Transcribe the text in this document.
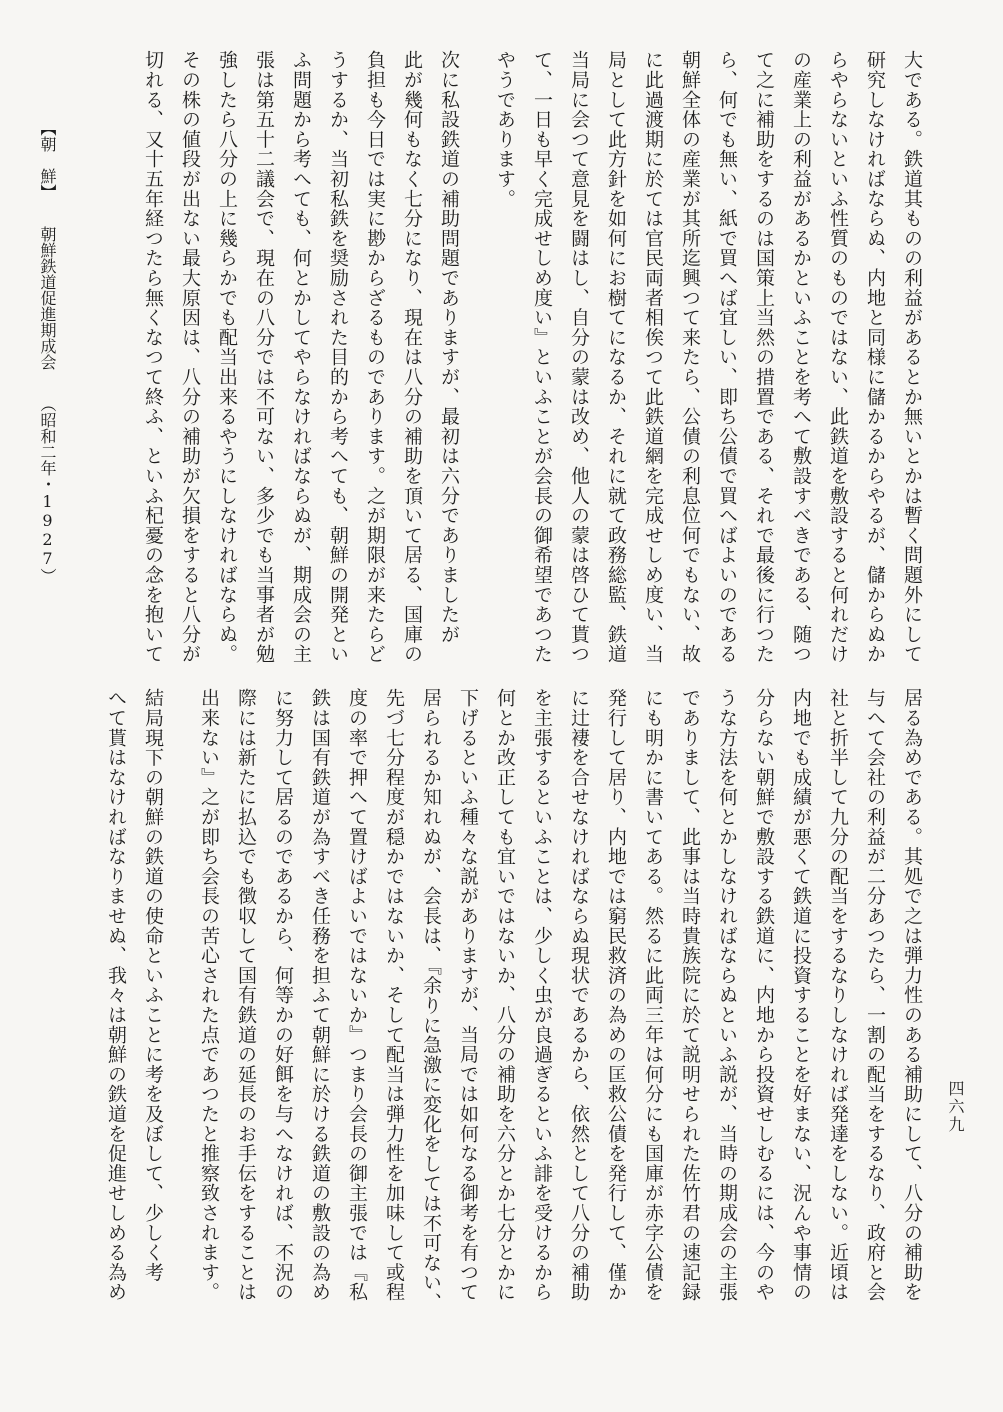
大である。鉄道其ものの利益があるとか無いとかは暫く問題外にして
研究しなければならぬ、内地と同様に儲かるからやるが、儲からぬか
らやらないといふ性質のものではない、此鉄道を敷設すると何れだけ
の産業上の利益があるかといふことを考へて敷設すべきである、随つ
て之に補助をするのは国策上当然の措置である、それで最後に行つた
ら、何でも無い、紙で買へば宜しい、即ち公債で買へばよいのである
朝鮮全体の産業が其所迄興つて来たら、公債の利息位何でもない、故
に此過渡期に於ては官民両者相俟つて此鉄道網を完成せしめ度い、当
局として此方針を如何にお樹てになるか、それに就て政務総監、鉄道
当局に会つて意見を闘はし、自分の蒙は改め、他人の蒙は啓ひて貰つ
て、一日も早く完成せしめ度い』といふことが会長の御希望であつた
やうであります。
次に私設鉄道の補助問題でありますが、最初は六分でありましたが
此が幾何もなく七分になり、現在は八分の補助を頂いて居る、国庫の
負担も今日では実に尠からざるものであります。之が期限が来たらど
うするか、当初私鉄を奨励された目的から考へても、朝鮮の開発とい
ふ問題から考へても、何とかしてやらなければならぬが、期成会の主
張は第五十二議会で、現在の八分では不可ない、多少でも当事者が勉
強したら八分の上に幾らかでも配当出来るやうにしなければならぬ。
その株の値段が出ない最大原因は、八分の補助が欠損をすると八分が
切れる、又十五年経つたら無くなつて終ふ、といふ杞憂の念を抱いて
居る為めである。其処で之は弾力性のある補助にして、八分の補助を
与へて会社の利益が二分あつたら、一割の配当をするなり、政府と会
社と折半して九分の配当をするなりしなければ発達をしない。近頃は
内地でも成績が悪くて鉄道に投資することを好まない、況んや事情の
分らない朝鮮で敷設する鉄道に、内地から投資せしむるには、今のや
うな方法を何とかしなければならぬといふ説が、当時の期成会の主張
でありまして、此事は当時貴族院に於て説明せられた佐竹君の速記録
にも明かに書いてある。然るに此両三年は何分にも国庫が赤字公債を
発行して居り、内地では窮民救済の為めの匡救公債を発行して、僅か
に辻褄を合せなければならぬ現状であるから、依然として八分の補助
を主張するといふことは、少しく虫が良過ぎるといふ誹を受けるから
何とか改正しても宜いではないか、八分の補助を六分とか七分とかに
下げるといふ種々な説がありますが、当局では如何なる御考を有つて
居られるか知れぬが、会長は、『余りに急激に変化をしては不可ない、
先づ七分程度が穏かではないか、そして配当は弾力性を加味して或程
度の率で押へて置けばよいではないか』つまり会長の御主張では『私
鉄は国有鉄道が為すべき任務を担ふて朝鮮に於ける鉄道の敷設の為め
に努力して居るのであるから、何等かの好餌を与へなければ、不況の
際には新たに払込でも徴収して国有鉄道の延長のお手伝をすることは
出来ない』之が即ち会長の苦心された点であつたと推察致されます。
結局現下の朝鮮の鉄道の使命といふことに考を及ぼして、少しく考
へて貰はなければなりませぬ、我々は朝鮮の鉄道を促進せしめる為め
【朝　鮮】朝鮮鉄道促進期成会（昭和二年・1927）
四六九
